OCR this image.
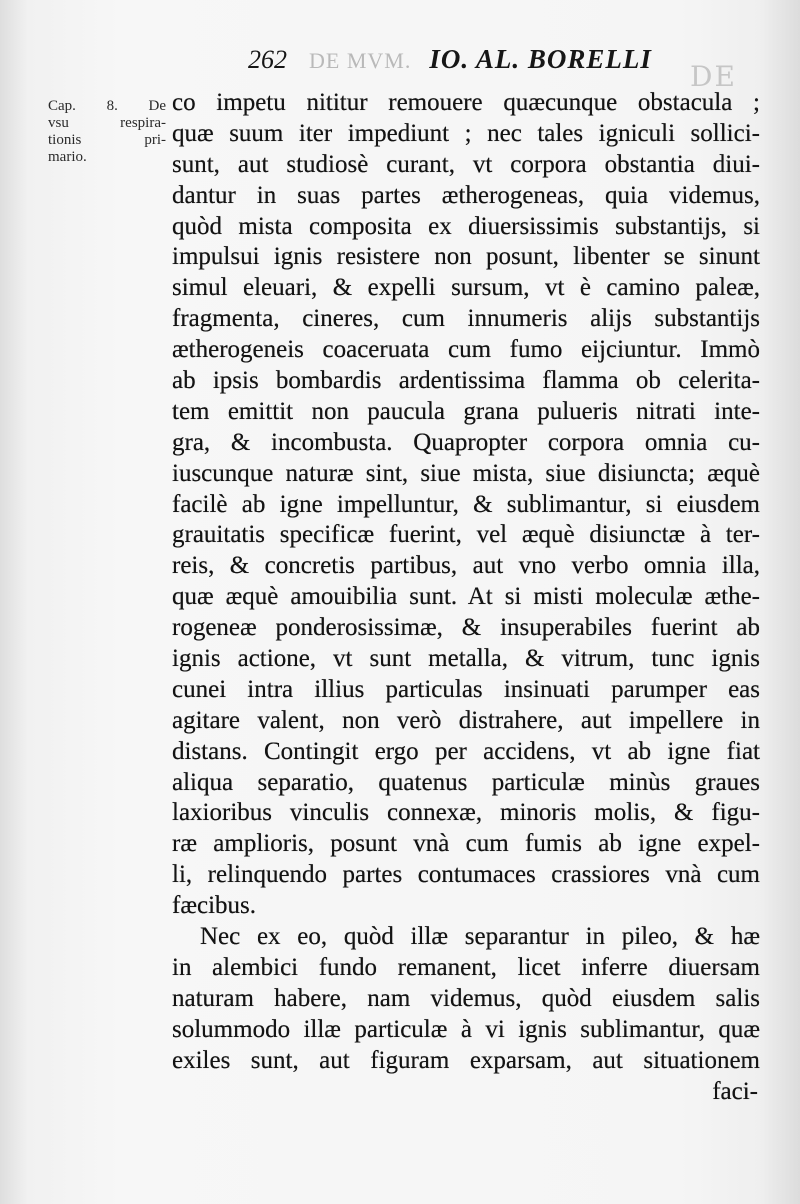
DE
262 DE MVM. IO. AL. BORELLI
Cap. 8. De
vsu respira-
tionis pri-
mario.
co impetu nititur remouere quæcunque obstacula ;
quæ suum iter impediunt ; nec tales igniculi sollici-
sunt, aut studiosè curant, vt corpora obstantia diui-
dantur in suas partes ætherogeneas, quia videmus,
quòd mista composita ex diuersissimis substantijs, si
impulsui ignis resistere non posunt, libenter se sinunt
simul eleuari, & expelli sursum, vt è camino paleæ,
fragmenta, cineres, cum innumeris alijs substantijs
ætherogeneis coaceruata cum fumo eijciuntur. Immò
ab ipsis bombardis ardentissima flamma ob celerita-
tem emittit non paucula grana pulueris nitrati inte-
gra, & incombusta. Quapropter corpora omnia cu-
iuscunque naturæ sint, siue mista, siue disiuncta; æquè
facilè ab igne impelluntur, & sublimantur, si eiusdem
grauitatis specificæ fuerint, vel æquè disiunctæ à ter-
reis, & concretis partibus, aut vno verbo omnia illa,
quæ æquè amouibilia sunt. At si misti moleculæ æthe-
rogeneæ ponderosissimæ, & insuperabiles fuerint ab
ignis actione, vt sunt metalla, & vitrum, tunc ignis
cunei intra illius particulas insinuati parumper eas
agitare valent, non verò distrahere, aut impellere in
distans. Contingit ergo per accidens, vt ab igne fiat
aliqua separatio, quatenus particulæ minùs graues
laxioribus vinculis connexæ, minoris molis, & figu-
ræ amplioris, posunt vnà cum fumis ab igne expel-
li, relinquendo partes contumaces crassiores vnà cum
fæcibus.
Nec ex eo, quòd illæ separantur in pileo, & hæ
in alembici fundo remanent, licet inferre diuersam
naturam habere, nam videmus, quòd eiusdem salis
solummodo illæ particulæ à vi ignis sublimantur, quæ
exiles sunt, aut figuram exparsam, aut situationem
faci-
